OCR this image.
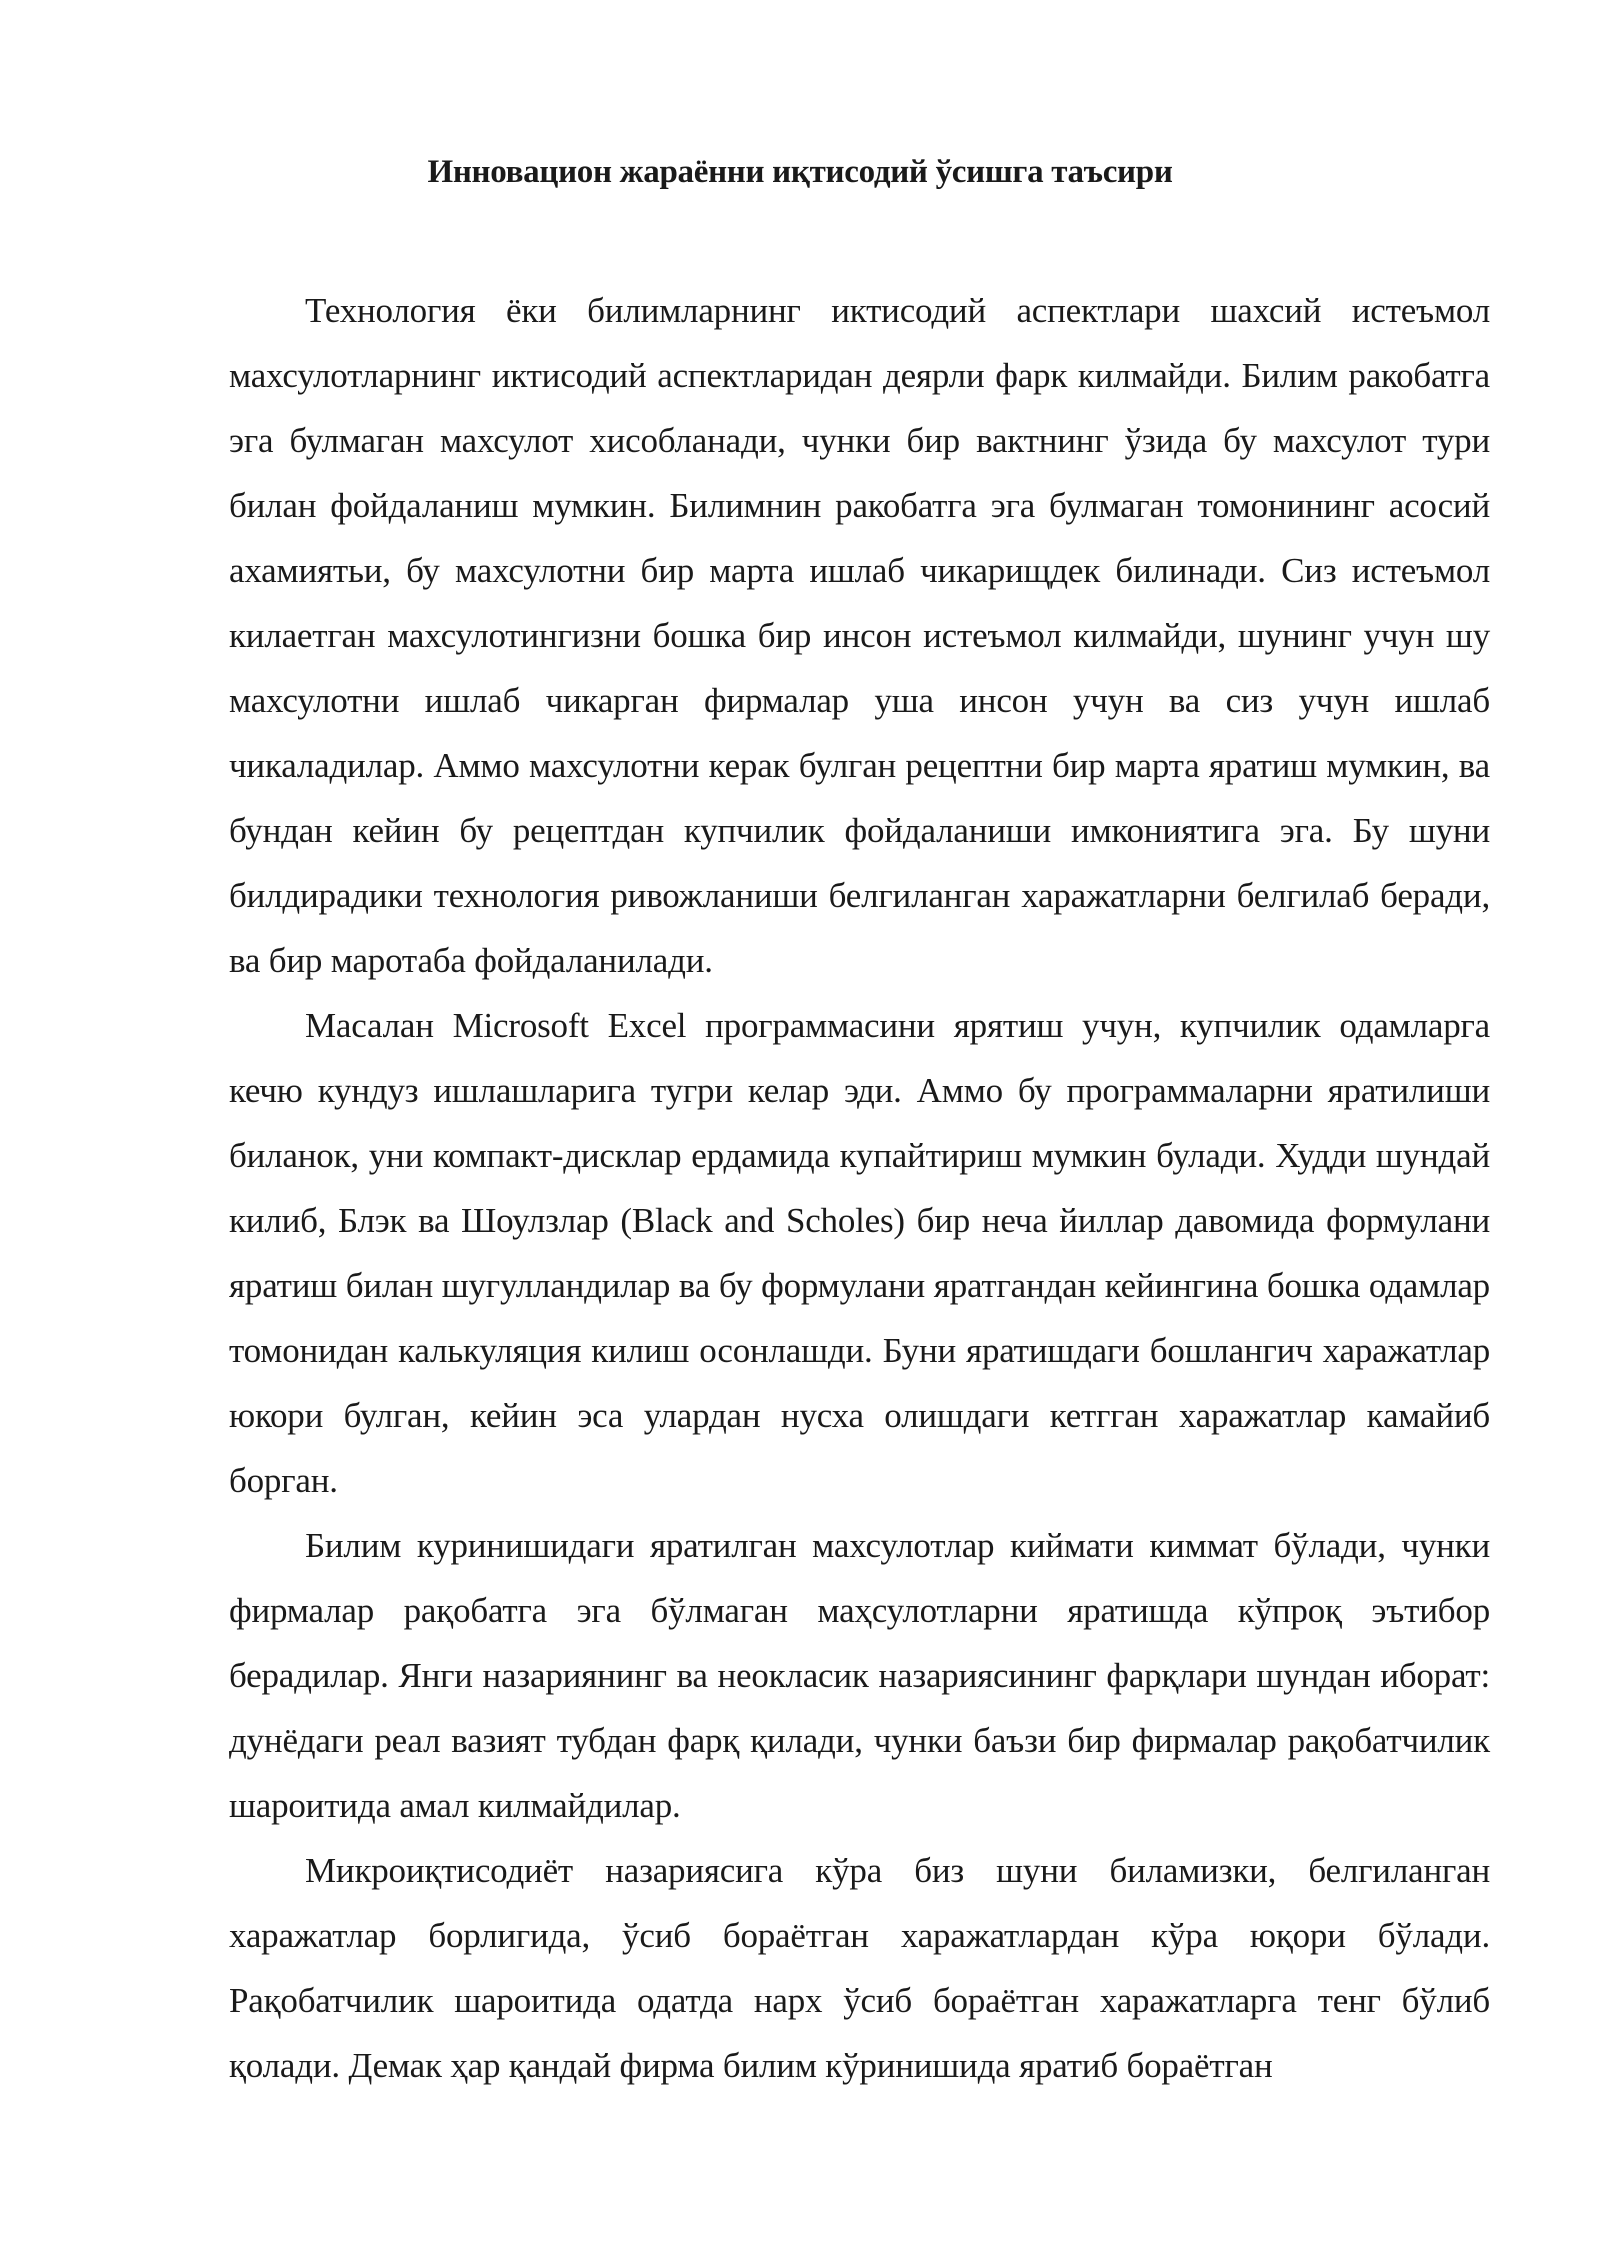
Инновацион жараённи иқтисодий ўсишга таъсири

Технология ёки билимларнинг иктисодий аспектлари шахсий истеъмол махсулотларнинг иктисодий аспектларидан деярли фарк килмайди. Билим ракобатга эга булмаган махсулот хисобланади, чунки бир вактнинг ўзида бу махсулот тури билан фойдаланиш мумкин. Билимнин ракобатга эга булмаган томонининг асосий ахамиятьи, бу махсулотни бир марта ишлаб чикарищдек билинади. Сиз истеъмол килаетган махсулотингизни бошка бир инсон истеъмол килмайди, шунинг учун шу махсулотни ишлаб чикарган фирмалар уша инсон учун ва сиз учун ишлаб чикаладилар. Аммо махсулотни керак булган рецептни бир марта яратиш мумкин, ва бундан кейин бу рецептдан купчилик фойдаланиши имкониятига эга. Бу шуни билдирадики технология ривожланиши белгиланган харажатларни белгилаб беради, ва бир маротаба фойдаланилади.

Масалан Microsoft Excel программасини ярятиш учун, купчилик одамларга кечю кундуз ишлашларига тугри келар эди. Аммо бу программаларни яратилиши биланок, уни компакт-дисклар ердамида купайтириш мумкин булади. Худди шундай килиб, Блэк ва Шоулзлар (Black and Scholes) бир неча йиллар давомида формулани яратиш билан шугулландилар ва бу формулани яратгандан кейингина бошка одамлар томонидан калькуляция килиш осонлашди. Буни яратишдаги бошлангич харажатлар юкори булган, кейин эса улардан нусха олишдаги кетгган харажатлар камайиб борган.

Билим куринишидаги яратилган махсулотлар киймати киммат бўлади, чунки фирмалар рақобатга эга бўлмаган маҳсулотларни яратишда кўпроқ эътибор берадилар. Янги назариянинг ва неокласик назариясининг фарқлари шундан иборат: дунёдаги реал вазият тубдан фарқ қилади, чунки баъзи бир фирмалар рақобатчилик шароитида амал килмайдилар.

Микроиқтисодиёт назариясига кўра биз шуни биламизки, белгиланган харажатлар борлигида, ўсиб бораётган харажатлардан кўра юқори бўлади. Рақобатчилик шароитида одатда нарх ўсиб бораётган харажатларга тенг бўлиб қолади. Демак ҳар қандай фирма билим кўринишида яратиб бораётган
